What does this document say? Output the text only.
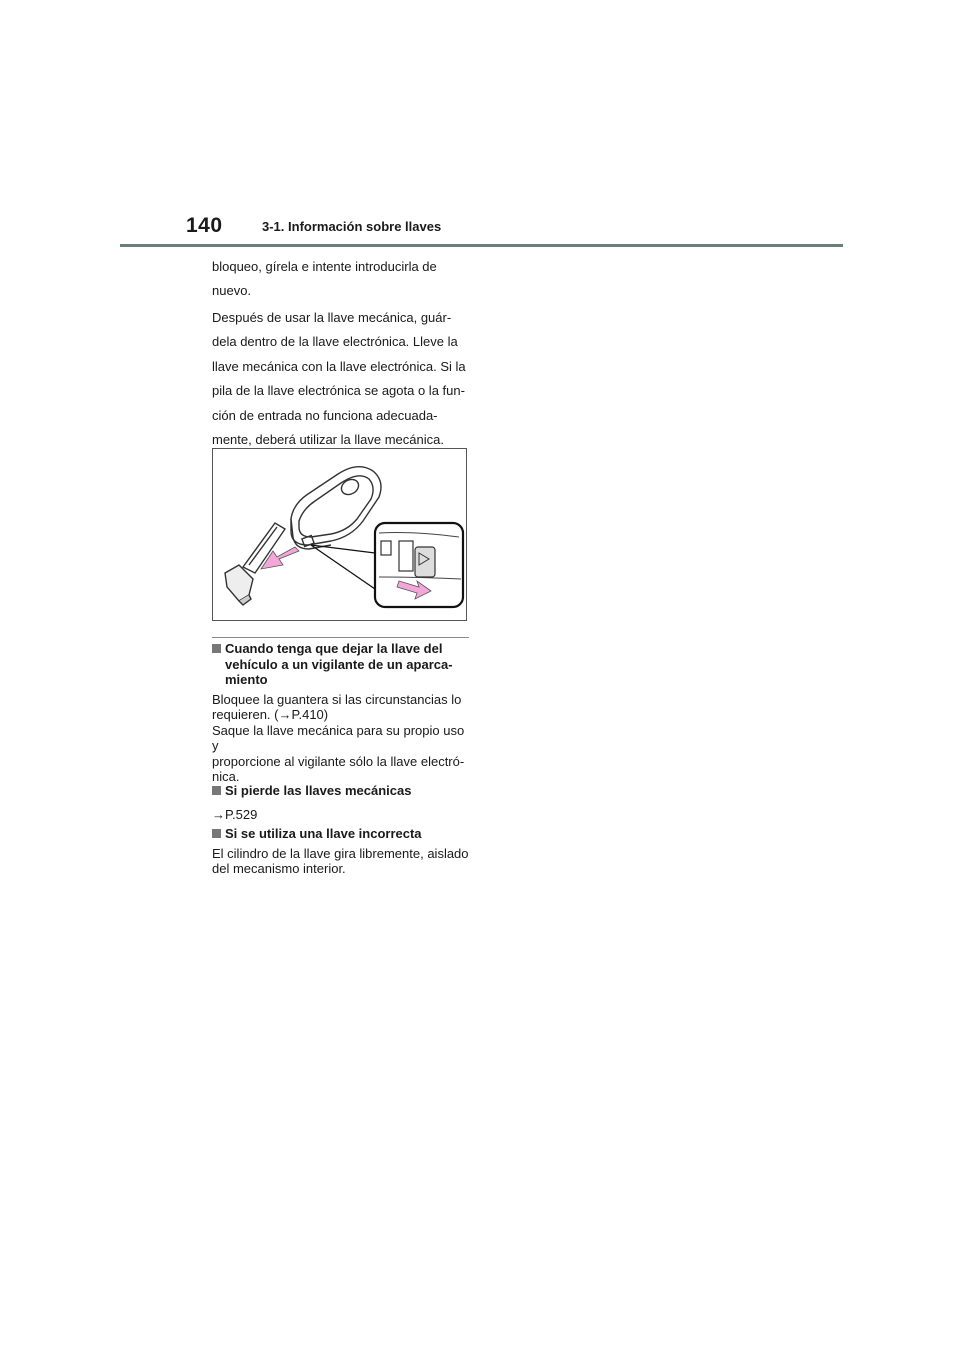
140	3-1. Información sobre llaves

bloqueo, gírela e intente introducirla de

nuevo.

Después de usar la llave mecánica, guár-

dela dentro de la llave electrónica. Lleve la

llave mecánica con la llave electrónica. Si la

pila de la llave electrónica se agota o la fun-

ción de entrada no funciona adecuada-

mente, deberá utilizar la llave mecánica.

Cuando tenga que dejar la llave del
vehículo a un vigilante de un aparca-
miento
Bloquee la guantera si las circunstancias lo
requieren. (→P.410)
Saque la llave mecánica para su propio uso y
proporcione al vigilante sólo la llave electró-
nica.
Si pierde las llaves mecánicas
→P.529
Si se utiliza una llave incorrecta
El cilindro de la llave gira libremente, aislado
del mecanismo interior.
